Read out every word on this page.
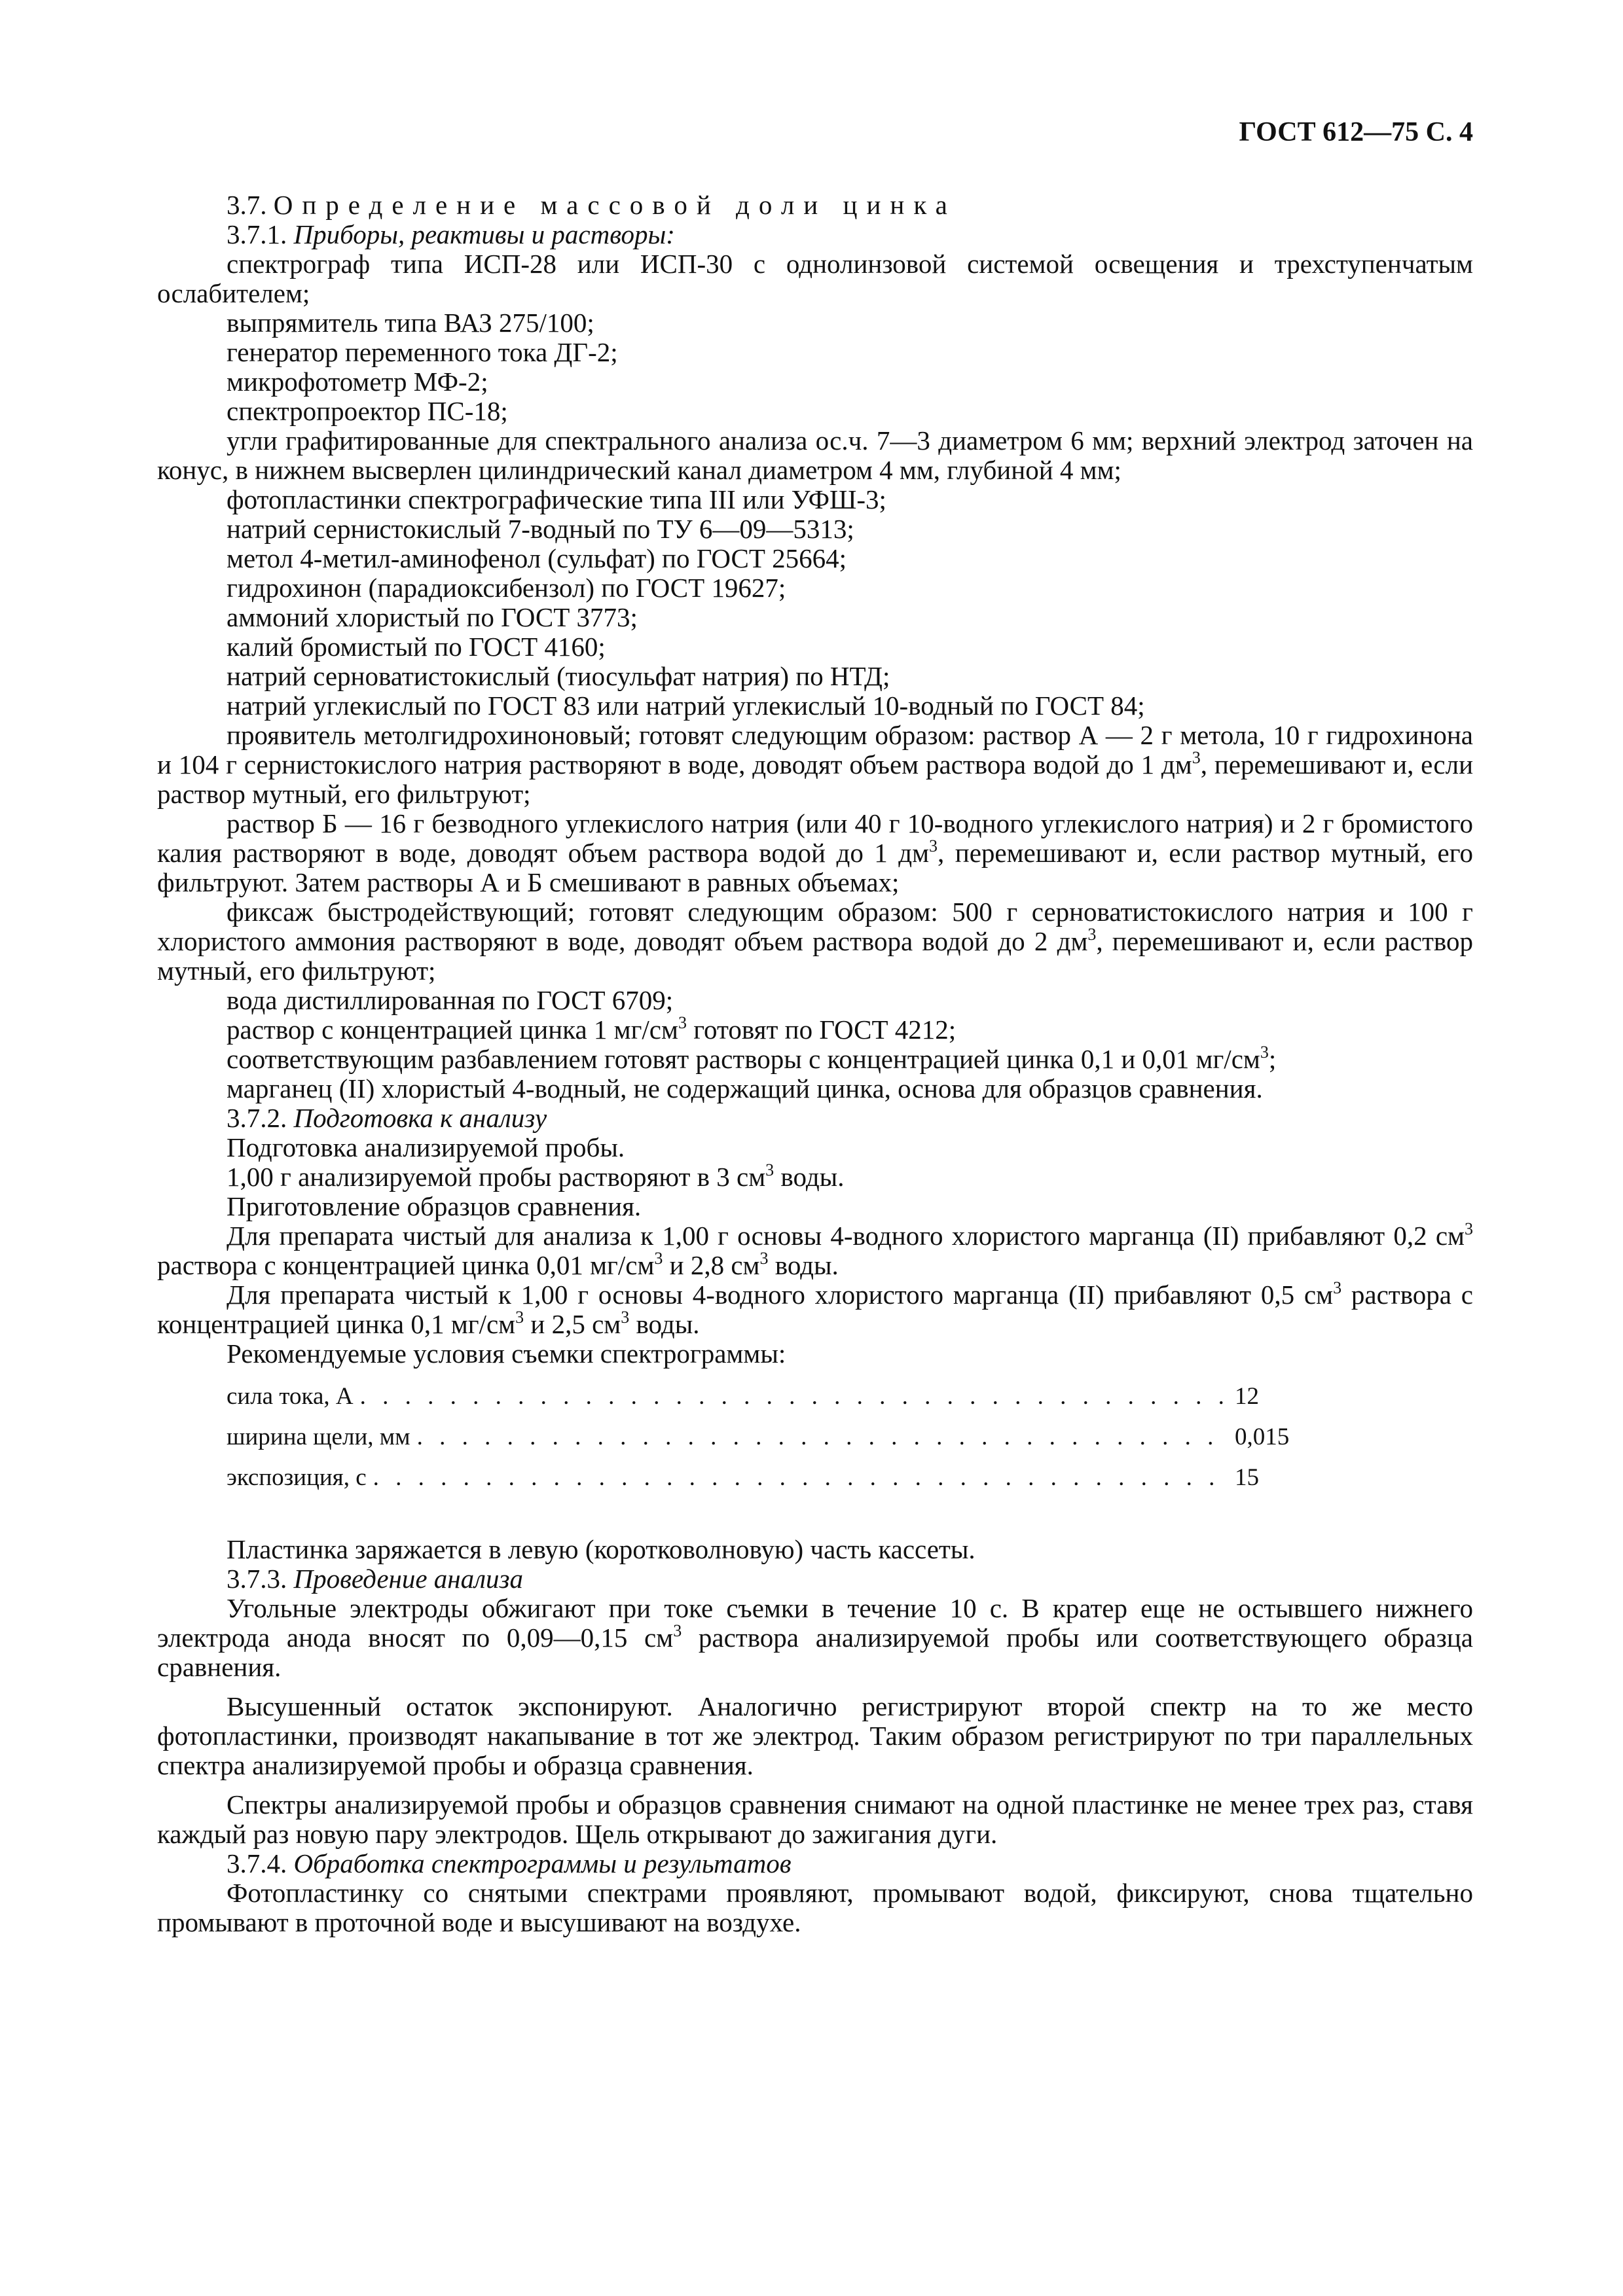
ГОСТ 612—75 С. 4

3.7. Определение массовой доли цинка

3.7.1. Приборы, реактивы и растворы:

спектрограф типа ИСП-28 или ИСП-30 с однолинзовой системой освещения и трехступенчатым ослабителем;

выпрямитель типа ВАЗ 275/100;

генератор переменного тока ДГ-2;

микрофотометр МФ-2;

спектропроектор ПС-18;

угли графитированные для спектрального анализа ос.ч. 7—3 диаметром 6 мм; верхний электрод заточен на конус, в нижнем высверлен цилиндрический канал диаметром 4 мм, глубиной 4 мм;

фотопластинки спектрографические типа III или УФШ-3;

натрий сернистокислый 7-водный по ТУ 6—09—5313;

метол 4-метил-аминофенол (сульфат) по ГОСТ 25664;

гидрохинон (парадиоксибензол) по ГОСТ 19627;

аммоний хлористый по ГОСТ 3773;

калий бромистый по ГОСТ 4160;

натрий серноватистокислый (тиосульфат натрия) по НТД;

натрий углекислый по ГОСТ 83 или натрий углекислый 10-водный по ГОСТ 84;

проявитель метолгидрохиноновый; готовят следующим образом: раствор А — 2 г метола, 10 г гидрохинона и 104 г сернистокислого натрия растворяют в воде, доводят объем раствора водой до 1 $дм^3$, перемешивают и, если раствор мутный, его фильтруют;

раствор Б — 16 г безводного углекислого натрия (или 40 г 10-водного углекислого натрия) и 2 г бромистого калия растворяют в воде, доводят объем раствора водой до 1 $дм^3$, перемешивают и, если раствор мутный, его фильтруют. Затем растворы А и Б смешивают в равных объемах;

фиксаж быстродействующий; готовят следующим образом: 500 г серноватистокислого натрия и 100 г хлористого аммония растворяют в воде, доводят объем раствора водой до 2 $дм^3$, перемешивают и, если раствор мутный, его фильтруют;

вода дистиллированная по ГОСТ 6709;

раствор с концентрацией цинка 1 $мг/см^3$ готовят по ГОСТ 4212;

соответствующим разбавлением готовят растворы с концентрацией цинка 0,1 и 0,01 $мг/см^3$;

марганец (II) хлористый 4-водный, не содержащий цинка, основа для образцов сравнения.

3.7.2. Подготовка к анализу

Подготовка анализируемой пробы.

1,00 г анализируемой пробы растворяют в 3 $см^3$ воды.

Приготовление образцов сравнения.

Для препарата чистый для анализа к 1,00 г основы 4-водного хлористого марганца (II) прибавляют 0,2 $см^3$ раствора с концентрацией цинка 0,01 $мг/см^3$ и 2,8 $см^3$ воды.

Для препарата чистый к 1,00 г основы 4-водного хлористого марганца (II) прибавляют 0,5 $см^3$ раствора с концентрацией цинка 0,1 $мг/см^3$ и 2,5 $см^3$ воды.

Рекомендуемые условия съемки спектрограммы:

сила тока, А . . .	12
ширина щели, мм . . .	0,015
экспозиция, с . . .	15

Пластинка заряжается в левую (коротковолновую) часть кассеты.

3.7.3. Проведение анализа

Угольные электроды обжигают при токе съемки в течение 10 с. В кратер еще не остывшего нижнего электрода анода вносят по 0,09—0,15 $см^3$ раствора анализируемой пробы или соответствующего образца сравнения.

Высушенный остаток экспонируют. Аналогично регистрируют второй спектр на то же место фотопластинки, производят накапывание в тот же электрод. Таким образом регистрируют по три параллельных спектра анализируемой пробы и образца сравнения.

Спектры анализируемой пробы и образцов сравнения снимают на одной пластинке не менее трех раз, ставя каждый раз новую пару электродов. Щель открывают до зажигания дуги.

3.7.4. Обработка спектрограммы и результатов

Фотопластинку со снятыми спектрами проявляют, промывают водой, фиксируют, снова тщательно промывают в проточной воде и высушивают на воздухе.
